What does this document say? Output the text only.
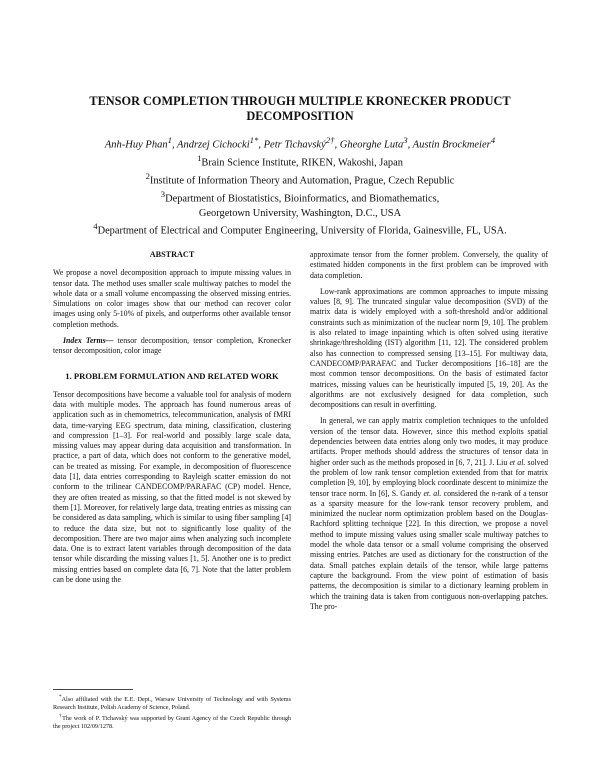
TENSOR COMPLETION THROUGH MULTIPLE KRONECKER PRODUCT
DECOMPOSITION
Anh-Huy Phan$^1$, Andrzej Cichocki$^{1*}$, Petr Tichavský$^{2\dagger}$, Gheorghe Luta$^3$, Austin Brockmeier$^4$
$^1$Brain Science Institute, RIKEN, Wakoshi, Japan
$^2$Institute of Information Theory and Automation, Prague, Czech Republic
$^3$Department of Biostatistics, Bioinformatics, and Biomathematics,
Georgetown University, Washington, D.C., USA
$^4$Department of Electrical and Computer Engineering, University of Florida, Gainesville, FL, USA.
ABSTRACT

We propose a novel decomposition approach to impute missing values in tensor data. The method uses smaller scale multiway patches to model the whole data or a small volume encompassing the observed missing entries. Simulations on color images show that our method can recover color images using only 5-10% of pixels, and outperforms other available tensor completion methods.

Index Terms— tensor decomposition, tensor completion, Kronecker tensor decomposition, color image

1. PROBLEM FORMULATION AND RELATED WORK

Tensor decompositions have become a valuable tool for analysis of modern data with multiple modes. The approach has found numerous areas of application such as in chemometrics, telecommunication, analysis of fMRI data, time-varying EEG spectrum, data mining, classification, clustering and compression [1–3]. For real-world and possibly large scale data, missing values may appear during data acquisition and transformation. In practice, a part of data, which does not conform to the generative model, can be treated as missing. For example, in decomposition of fluorescence data [1], data entries corresponding to Rayleigh scatter emission do not conform to the trilinear CANDECOMP/PARAFAC (CP) model. Hence, they are often treated as missing, so that the fitted model is not skewed by them [1]. Moreover, for relatively large data, treating entries as missing can be considered as data sampling, which is similar to using fiber sampling [4] to reduce the data size, but not to significantly lose quality of the decomposition. There are two major aims when analyzing such incomplete data. One is to extract latent variables through decomposition of the data tensor while discarding the missing values [1, 5]. Another one is to predict missing entries based on complete data [6, 7]. Note that the latter problem can be done using the

approximate tensor from the former problem. Conversely, the quality of estimated hidden components in the first problem can be improved with data completion.

Low-rank approximations are common approaches to impute missing values [8, 9]. The truncated singular value decomposition (SVD) of the matrix data is widely employed with a soft-threshold and/or additional constraints such as minimization of the nuclear norm [9, 10]. The problem is also related to image inpainting which is often solved using iterative shrinkage/thresholding (IST) algorithm [11, 12]. The considered problem also has connection to compressed sensing [13–15]. For multiway data, CANDECOMP/PARAFAC and Tucker decompositions [16–18] are the most common tensor decompositions. On the basis of estimated factor matrices, missing values can be heuristically imputed [5, 19, 20]. As the algorithms are not exclusively designed for data completion, such decompositions can result in overfitting.

In general, we can apply matrix completion techniques to the unfolded version of the tensor data. However, since this method exploits spatial dependencies between data entries along only two modes, it may produce artifacts. Proper methods should address the structures of tensor data in higher order such as the methods proposed in [6, 7, 21]. J. Liu et al. solved the problem of low rank tensor completion extended from that for matrix completion [9, 10], by employing block coordinate descent to minimize the tensor trace norm. In [6], S. Gandy et. al. considered the n-rank of a tensor as a sparsity measure for the low-rank tensor recovery problem, and minimized the nuclear norm optimization problem based on the Douglas-Rachford splitting technique [22]. In this direction, we propose a novel method to impute missing values using smaller scale multiway patches to model the whole data tensor or a small volume comprising the observed missing entries. Patches are used as dictionary for the construction of the data. Small patches explain details of the tensor, while large patterns capture the background. From the view point of estimation of basis patterns, the decomposition is similar to a dictionary learning problem in which the training data is taken from contiguous non-overlapping patches. The pro-

*Also affiliated with the E.E. Dept., Warsaw University of Technology and with Systems Research Institute, Polish Academy of Science, Poland.

†The work of P. Tichavský was supported by Grant Agency of the Czech Republic through the project 102/09/1278.
